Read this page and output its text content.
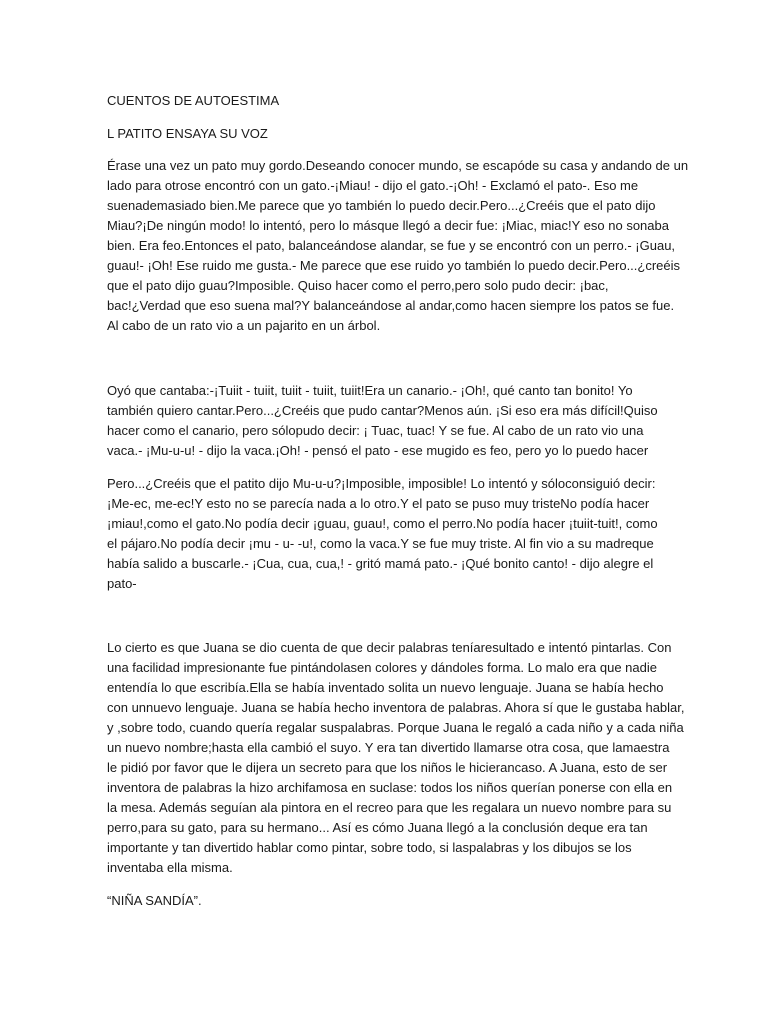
CUENTOS DE AUTOESTIMA
L PATITO ENSAYA SU VOZ
Érase una vez un pato muy gordo.Deseando conocer mundo, se escapóde su casa y andando de un
lado para otrose encontró con un gato.-¡Miau! - dijo el gato.-¡Oh! - Exclamó el pato-. Eso me
suenademasiado bien.Me parece que yo también lo puedo decir.Pero...¿Creéis que el pato dijo
Miau?¡De ningún modo! lo intentó, pero lo másque llegó a decir fue: ¡Miac, miac!Y eso no sonaba
bien. Era feo.Entonces el pato, balanceándose alandar, se fue y se encontró con un perro.- ¡Guau,
guau!- ¡Oh! Ese ruido me gusta.- Me parece que ese ruido yo también lo puedo decir.Pero...¿creéis
que el pato dijo guau?Imposible. Quiso hacer como el perro,pero solo pudo decir: ¡bac,
bac!¿Verdad que eso suena mal?Y balanceándose al andar,como hacen siempre los patos se fue.
Al cabo de un rato vio a un pajarito en un árbol.
Oyó que cantaba:-¡Tuiit - tuiit, tuiit - tuiit, tuiit!Era un canario.- ¡Oh!, qué canto tan bonito! Yo
también quiero cantar.Pero...¿Creéis que pudo cantar?Menos aún. ¡Si eso era más difícil!Quiso
hacer como el canario, pero sólopudo decir: ¡ Tuac, tuac! Y se fue. Al cabo de un rato vio una
vaca.- ¡Mu-u-u! - dijo la vaca.¡Oh! - pensó el pato - ese mugido es feo, pero yo lo puedo hacer
Pero...¿Creéis que el patito dijo Mu-u-u?¡Imposible, imposible! Lo intentó y sóloconsiguió decir:
¡Me-ec, me-ec!Y esto no se parecía nada a lo otro.Y el pato se puso muy tristeNo podía hacer
¡miau!,como el gato.No podía decir ¡guau, guau!, como el perro.No podía hacer ¡tuiit-tuit!, como
el pájaro.No podía decir ¡mu - u- -u!, como la vaca.Y se fue muy triste. Al fin vio a su madreque
había salido a buscarle.- ¡Cua, cua, cua,! - gritó mamá pato.- ¡Qué bonito canto! - dijo alegre el
pato-
Lo cierto es que Juana se dio cuenta de que decir palabras teníaresultado e intentó pintarlas. Con
una facilidad impresionante fue pintándolasen colores y dándoles forma. Lo malo era que nadie
entendía lo que escribía.Ella se había inventado solita un nuevo lenguaje. Juana se había hecho
con unnuevo lenguaje. Juana se había hecho inventora de palabras. Ahora sí que le gustaba hablar,
y ,sobre todo, cuando quería regalar suspalabras. Porque Juana le regaló a cada niño y a cada niña
un nuevo nombre;hasta ella cambió el suyo. Y era tan divertido llamarse otra cosa, que lamaestra
le pidió por favor que le dijera un secreto para que los niños le hicierancaso. A Juana, esto de ser
inventora de palabras la hizo archifamosa en suclase: todos los niños querían ponerse con ella en
la mesa. Además seguían ala pintora en el recreo para que les regalara un nuevo nombre para su
perro,para su gato, para su hermano... Así es cómo Juana llegó a la conclusión deque era tan
importante y tan divertido hablar como pintar, sobre todo, si laspalabras y los dibujos se los
inventaba ella misma.
“NIÑA SANDÍA”.
